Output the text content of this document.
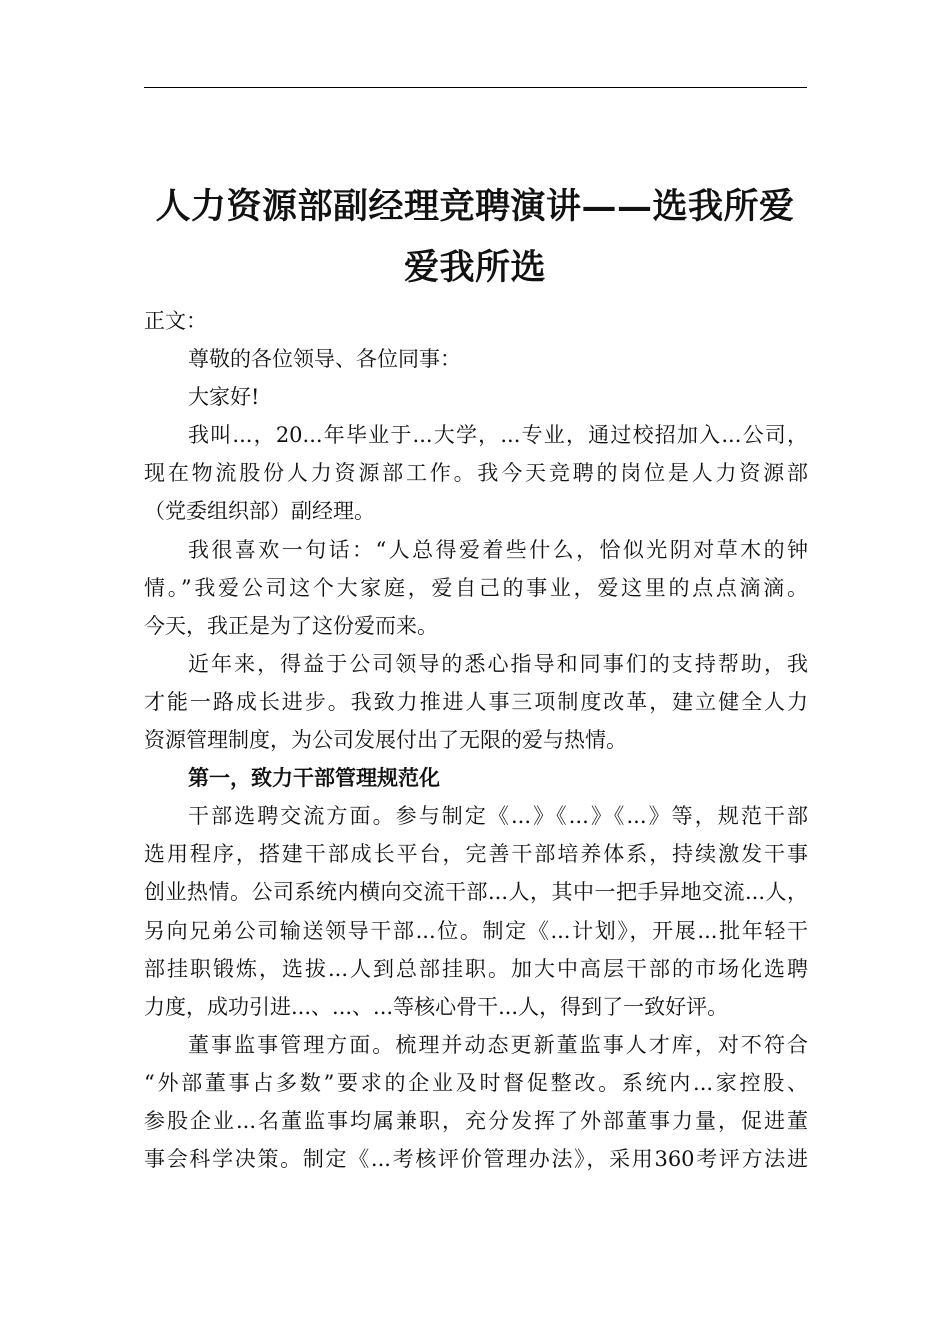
人力资源部副经理竞聘演讲——选我所爱
爱我所选
正文：
尊敬的各位领导、各位同事：
大家好!
我叫...，20...年毕业于...大学，...专业，通过校招加入...公司，
现在物流股份人力资源部工作。我今天竞聘的岗位是人力资源部
（党委组织部）副经理。
我很喜欢一句话：“人总得爱着些什么，恰似光阴对草木的钟
情。”我爱公司这个大家庭，爱自己的事业，爱这里的点点滴滴。
今天，我正是为了这份爱而来。
近年来，得益于公司领导的悉心指导和同事们的支持帮助，我
才能一路成长进步。我致力推进人事三项制度改革，建立健全人力
资源管理制度，为公司发展付出了无限的爱与热情。
第一，致力干部管理规范化
干部选聘交流方面。参与制定《...》《...》《...》等，规范干部
选用程序，搭建干部成长平台，完善干部培养体系，持续激发干事
创业热情。公司系统内横向交流干部...人，其中一把手异地交流...人，
另向兄弟公司输送领导干部...位。制定《...计划》，开展...批年轻干
部挂职锻炼，选拔...人到总部挂职。加大中高层干部的市场化选聘
力度，成功引进...、...、...等核心骨干...人，得到了一致好评。
董事监事管理方面。梳理并动态更新董监事人才库，对不符合
“外部董事占多数”要求的企业及时督促整改。系统内...家控股、
参股企业...名董监事均属兼职，充分发挥了外部董事力量，促进董
事会科学决策。制定《...考核评价管理办法》，采用360考评方法进
